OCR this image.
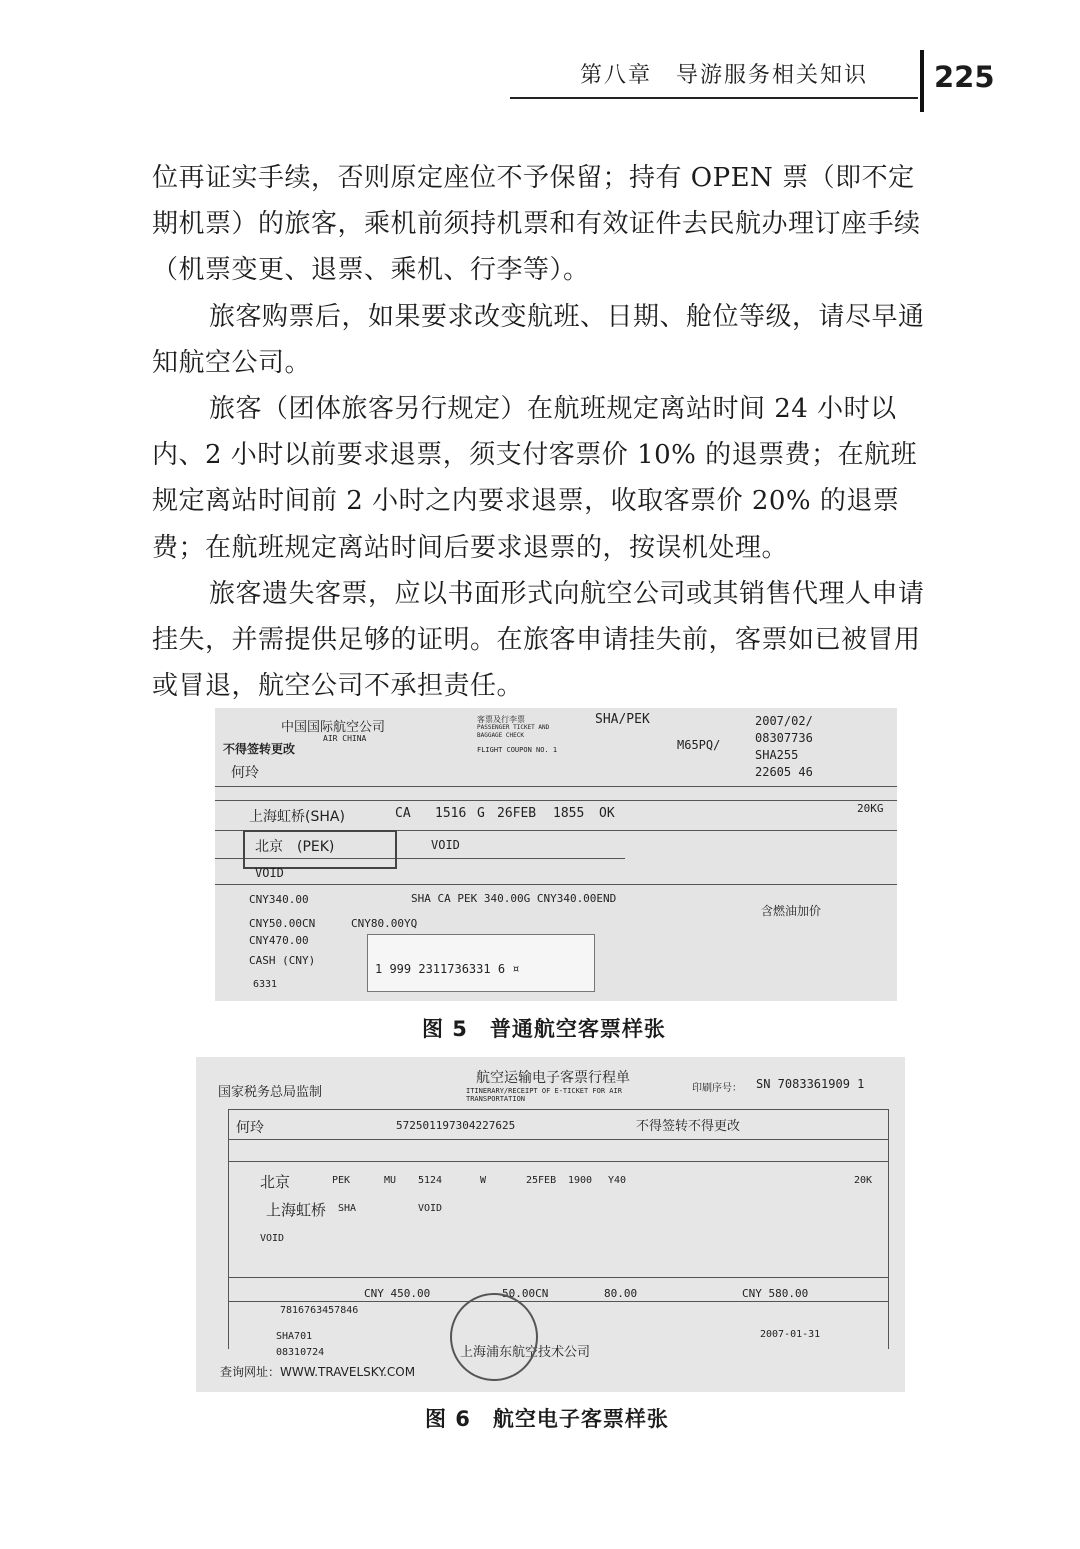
第八章　导游服务相关知识 225

位再证实手续，否则原定座位不予保留；持有 OPEN 票（即不定期机票）的旅客，乘机前须持机票和有效证件去民航办理订座手续（机票变更、退票、乘机、行李等）。

旅客购票后，如果要求改变航班、日期、舱位等级，请尽早通知航空公司。

旅客（团体旅客另行规定）在航班规定离站时间 24 小时以内、2 小时以前要求退票，须支付客票价 10% 的退票费；在航班规定离站时间前 2 小时之内要求退票，收取客票价 20% 的退票费；在航班规定离站时间后要求退票的，按误机处理。

旅客遗失客票，应以书面形式向航空公司或其销售代理人申请挂失，并需提供足够的证明。在旅客申请挂失前，客票如已被冒用或冒退，航空公司不承担责任。

中国国际航空公司
AIR CHINA
不得签转更改
何玲
客票及行李票
PASSENGER TICKET AND BAGGAGE CHECK
FLIGHT COUPON NO. 1
SHA/PEK
M65PQ/
2007/02/
08307736
SHA255
22605 46
上海虹桥(SHA)	CA 1516 G 26FEB 1855 OK	20KG
北京　(PEK)	VOID
VOID
CNY340.00	SHA CA PEK 340.00G CNY340.00END
CNY50.00CN	CNY80.00YQ
CNY470.00
含燃油加价
CASH (CNY)
6331
1 999 2311736331 6 ¤
图 5　普通航空客票样张
国家税务总局监制
航空运输电子客票行程单
ITINERARY/RECEIPT OF E-TICKET FOR AIR TRANSPORTATION
印刷序号： SN 7083361909 1
何玲	572501197304227625	不得签转不得更改
北京	PEK	MU 5124	W	25FEB 1900 Y40	20K
上海虹桥 SHA	VOID
VOID
CNY 450.00	50.00CN	80.00	CNY 580.00
7816763457846
SHA701
08310724	上海浦东航空技术公司
2007-01-31
查询网址：WWW.TRAVELSKY.COM
图 6　航空电子客票样张
